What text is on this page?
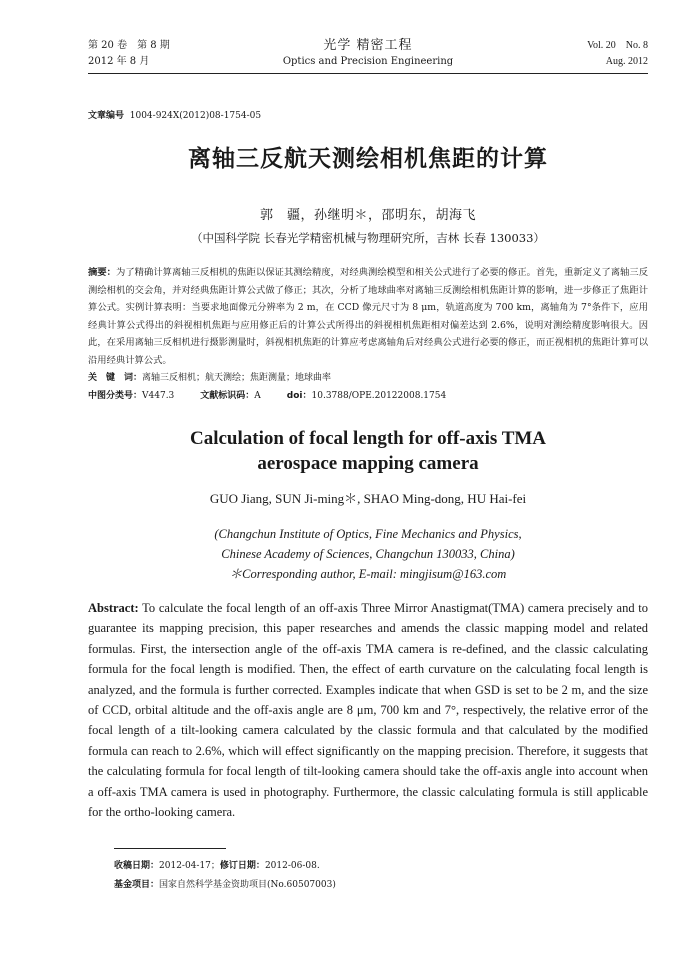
第 20 卷　第 8 期
2012 年 8 月
光学 精密工程
Optics and Precision Engineering
Vol. 20　No. 8
Aug. 2012
文章编号 1004-924X(2012)08-1754-05
离轴三反航天测绘相机焦距的计算
郭　疆，孙继明＊，邵明东，胡海飞
（中国科学院 长春光学精密机械与物理研究所，吉林 长春 130033）
摘要：为了精确计算离轴三反相机的焦距以保证其测绘精度，对经典测绘模型和相关公式进行了必要的修正。首先，重新定义了离轴三反测绘相机的交会角，并对经典焦距计算公式做了修正；其次，分析了地球曲率对离轴三反测绘相机焦距计算的影响，进一步修正了焦距计算公式。实例计算表明：当要求地面像元分辨率为 2 m，在 CCD 像元尺寸为 8 μm，轨道高度为 700 km，离轴角为 7°条件下，应用经典计算公式得出的斜视相机焦距与应用修正后的计算公式所得出的斜视相机焦距相对偏差达到 2.6%，说明对测绘精度影响很大。因此，在采用离轴三反相机进行摄影测量时，斜视相机焦距的计算应考虑离轴角后对经典公式进行必要的修正，而正视相机的焦距计算可以沿用经典计算公式。
关　键　词：离轴三反相机；航天测绘；焦距测量；地球曲率
中图分类号：V447.3	文献标识码：A	doi：10.3788/OPE.20122008.1754
Calculation of focal length for off-axis TMA
aerospace mapping camera
GUO Jiang, SUN Ji-ming＊, SHAO Ming-dong, HU Hai-fei
(Changchun Institute of Optics, Fine Mechanics and Physics,
Chinese Academy of Sciences, Changchun 130033, China)
＊Corresponding author, E-mail: mingjisum@163.com
Abstract: To calculate the focal length of an off-axis Three Mirror Anastigmat(TMA) camera precisely and to guarantee its mapping precision, this paper researches and amends the classic mapping model and related formulas. First, the intersection angle of the off-axis TMA camera is re-defined, and the classic calculating formula for the focal length is modified. Then, the effect of earth curvature on the calculating focal length is analyzed, and the formula is further corrected. Examples indicate that when GSD is set to be 2 m, and the size of CCD, orbital altitude and the off-axis angle are 8 μm, 700 km and 7°, respectively, the relative error of the focal length of a tilt-looking camera calculated by the classic formula and that calculated by the modified formula can reach to 2.6%, which will effect significantly on the mapping precision. Therefore, it suggests that the calculating formula for focal length of tilt-looking camera should take the off-axis angle into account when a off-axis TMA camera is used in photography. Furthermore, the classic calculating formula is still applicable for the ortho-looking camera.
收稿日期：2012-04-17；修订日期：2012-06-08.
基金项目：国家自然科学基金资助项目(No.60507003)
